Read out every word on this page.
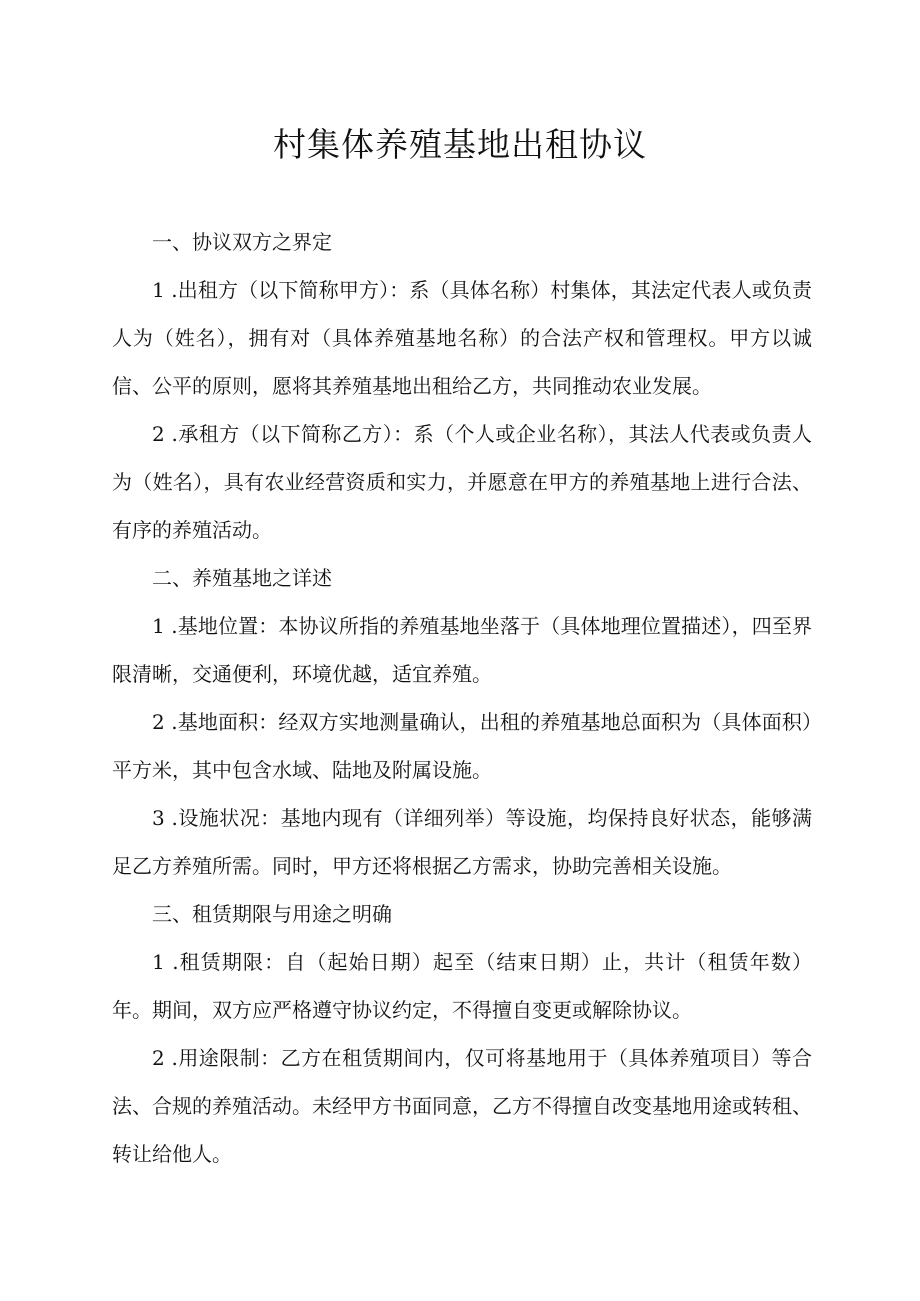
村集体养殖基地出租协议

一、协议双方之界定

1 .出租方（以下简称甲方）：系（具体名称）村集体，其法定代表人或负责人为（姓名），拥有对（具体养殖基地名称）的合法产权和管理权。甲方以诚信、公平的原则，愿将其养殖基地出租给乙方，共同推动农业发展。

2 .承租方（以下简称乙方）：系（个人或企业名称），其法人代表或负责人为（姓名），具有农业经营资质和实力，并愿意在甲方的养殖基地上进行合法、有序的养殖活动。

二、养殖基地之详述

1 .基地位置：本协议所指的养殖基地坐落于（具体地理位置描述），四至界限清晰，交通便利，环境优越，适宜养殖。

2 .基地面积：经双方实地测量确认，出租的养殖基地总面积为（具体面积）平方米，其中包含水域、陆地及附属设施。

3 .设施状况：基地内现有（详细列举）等设施，均保持良好状态，能够满足乙方养殖所需。同时，甲方还将根据乙方需求，协助完善相关设施。

三、租赁期限与用途之明确

1 .租赁期限：自（起始日期）起至（结束日期）止，共计（租赁年数）年。期间，双方应严格遵守协议约定，不得擅自变更或解除协议。

2 .用途限制：乙方在租赁期间内，仅可将基地用于（具体养殖项目）等合法、合规的养殖活动。未经甲方书面同意，乙方不得擅自改变基地用途或转租、转让给他人。
